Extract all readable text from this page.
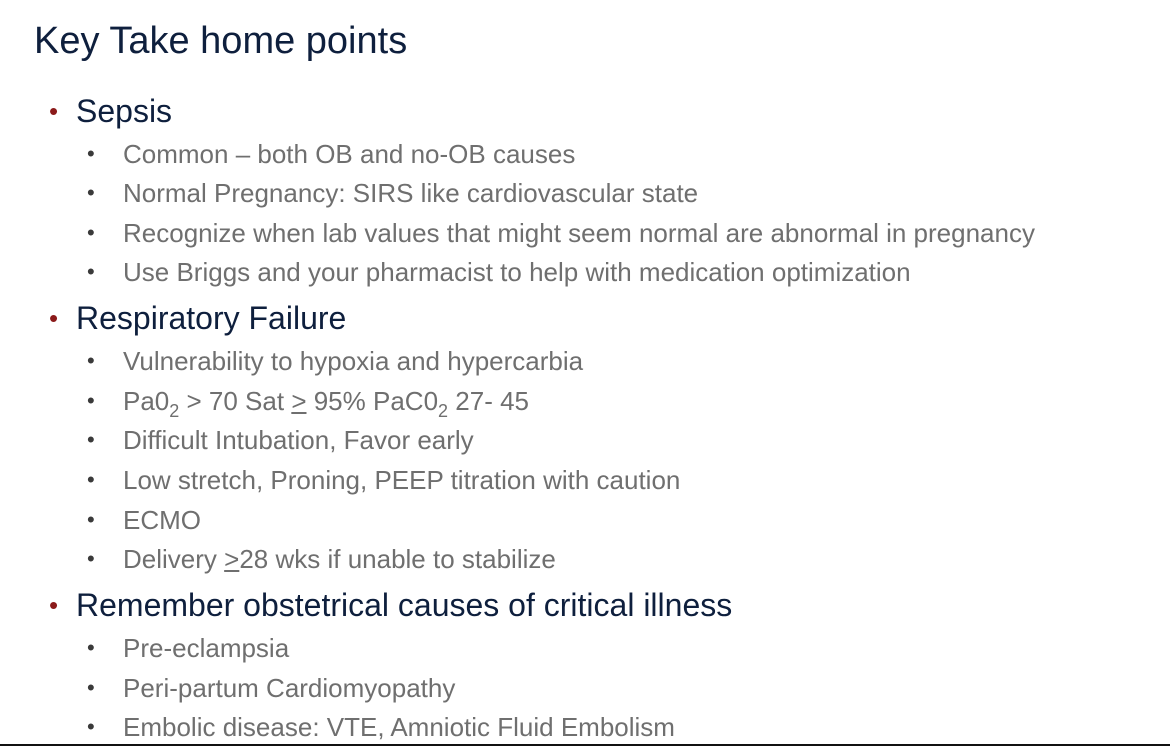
Key Take home points
• Sepsis
• Common – both OB and no-OB causes
• Normal Pregnancy: SIRS like cardiovascular state
• Recognize when lab values that might seem normal are abnormal in pregnancy
• Use Briggs and your pharmacist to help with medication optimization
• Respiratory Failure
• Vulnerability to hypoxia and hypercarbia
• $Pa0_2 > 70$ Sat > 95% $PaC0_2$ 27- 45
• Difficult Intubation, Favor early
• Low stretch, Proning, PEEP titration with caution
• ECMO
• Delivery >28 wks if unable to stabilize
• Remember obstetrical causes of critical illness
• Pre-eclampsia
• Peri-partum Cardiomyopathy
• Embolic disease: VTE, Amniotic Fluid Embolism
